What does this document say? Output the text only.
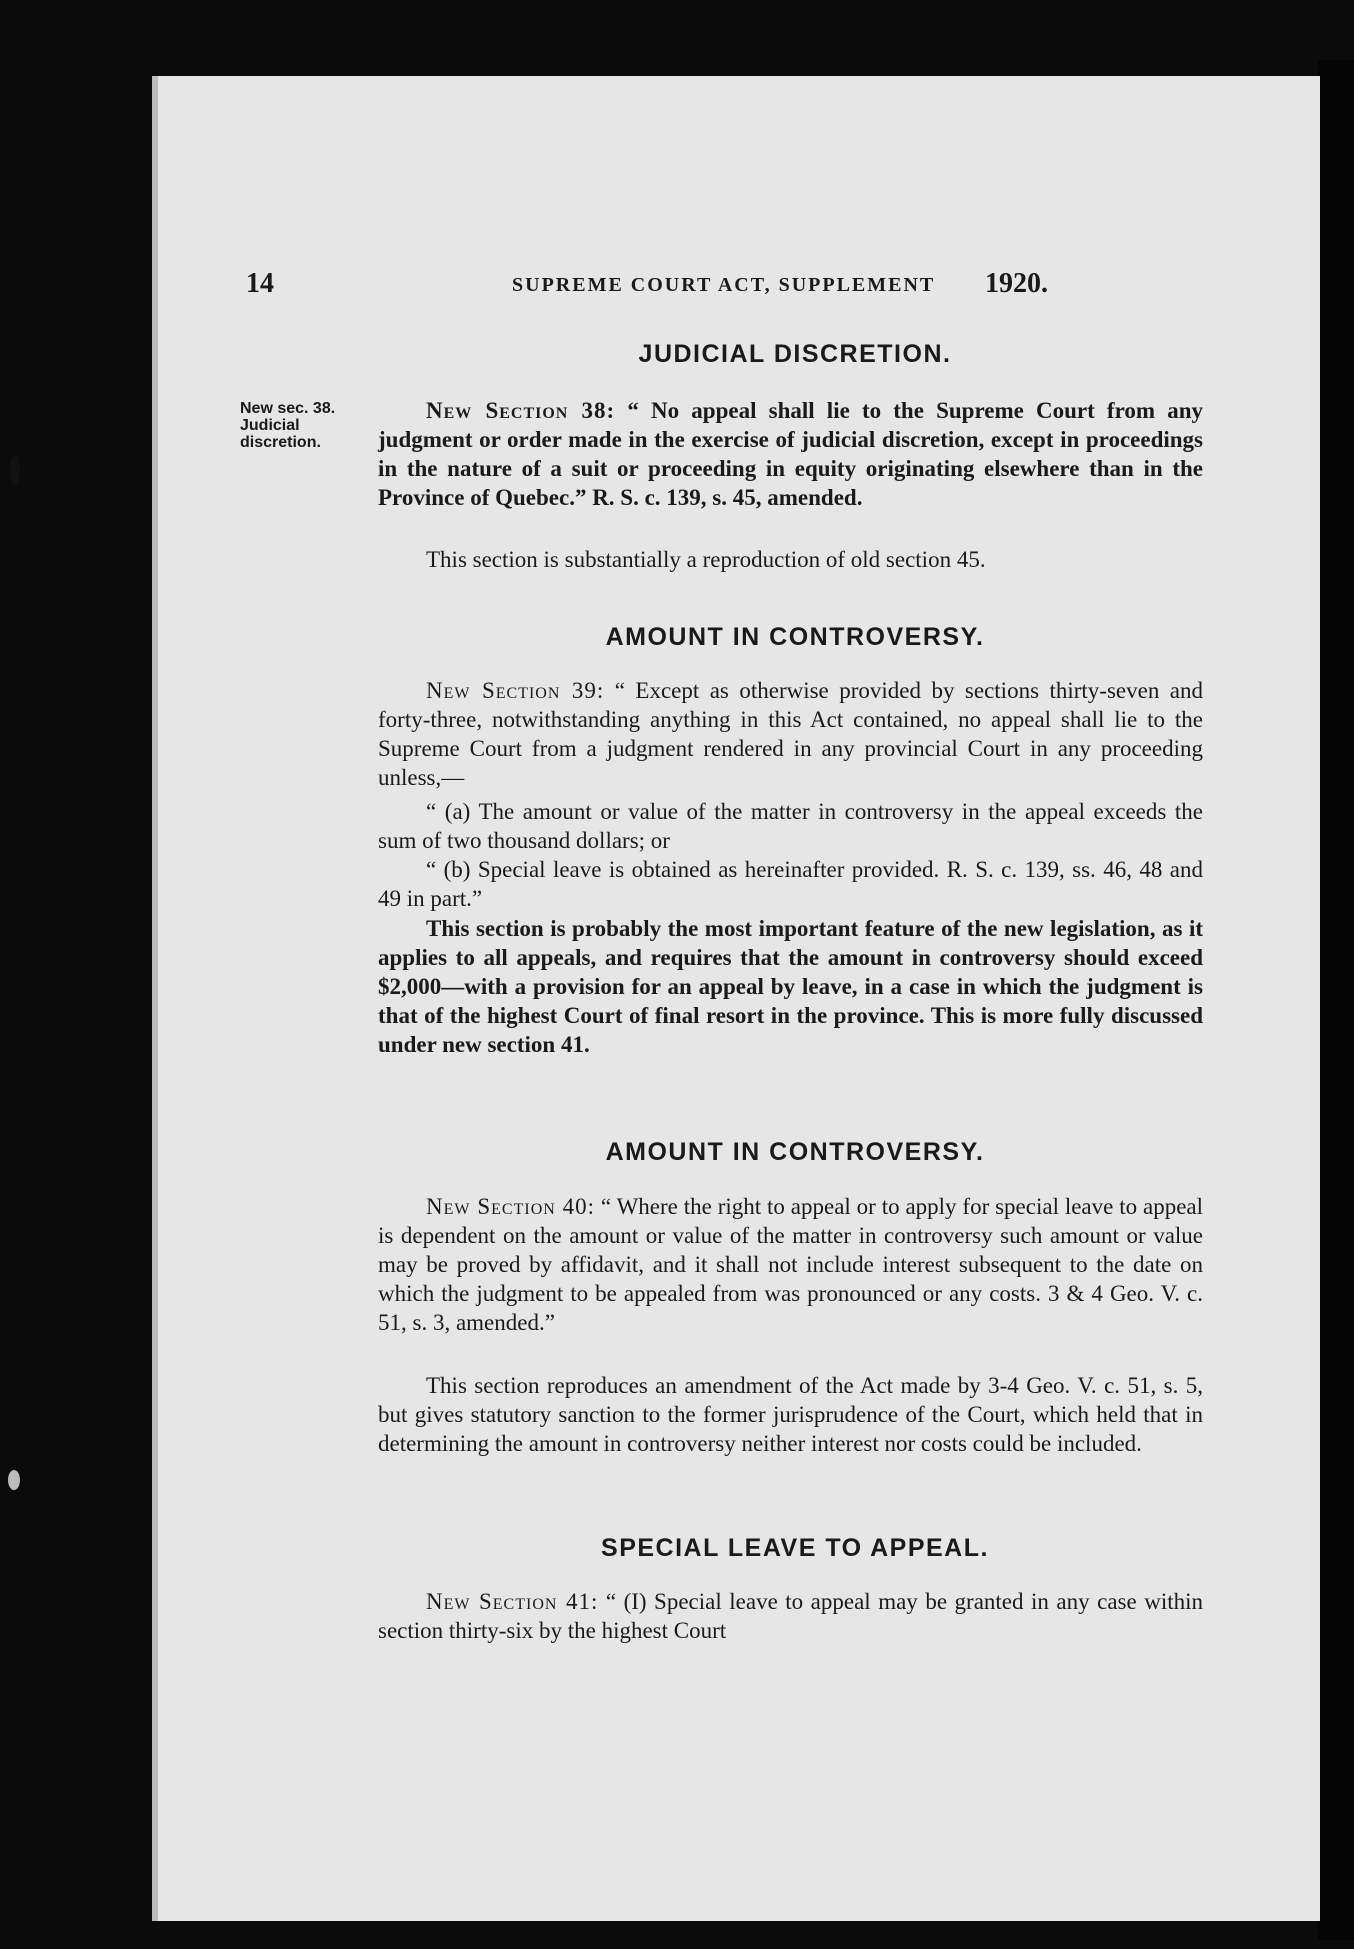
14	SUPREME COURT ACT, SUPPLEMENT 1920.
New sec. 38.
Judicial
discretion.
JUDICIAL DISCRETION.

New Section 38: “ No appeal shall lie to the Supreme Court from any judgment or order made in the exercise of judicial discretion, except in proceedings in the nature of a suit or proceeding in equity originating elsewhere than in the Province of Quebec.” R. S. c. 139, s. 45, amended.

This section is substantially a reproduction of old section 45.

AMOUNT IN CONTROVERSY.

New Section 39: “ Except as otherwise provided by sections thirty-seven and forty-three, notwithstanding anything in this Act contained, no appeal shall lie to the Supreme Court from a judgment rendered in any provincial Court in any proceeding unless,—

“ (a) The amount or value of the matter in controversy in the appeal exceeds the sum of two thousand dollars; or

“ (b) Special leave is obtained as hereinafter provided. R. S. c. 139, ss. 46, 48 and 49 in part.”

This section is probably the most important feature of the new legislation, as it applies to all appeals, and requires that the amount in controversy should exceed $2,000—with a provision for an appeal by leave, in a case in which the judgment is that of the highest Court of final resort in the province. This is more fully discussed under new section 41.

AMOUNT IN CONTROVERSY.

New Section 40: “ Where the right to appeal or to apply for special leave to appeal is dependent on the amount or value of the matter in controversy such amount or value may be proved by affidavit, and it shall not include interest subsequent to the date on which the judgment to be appealed from was pronounced or any costs. 3 & 4 Geo. V. c. 51, s. 3, amended.”

This section reproduces an amendment of the Act made by 3-4 Geo. V. c. 51, s. 5, but gives statutory sanction to the former jurisprudence of the Court, which held that in determining the amount in controversy neither interest nor costs could be included.

SPECIAL LEAVE TO APPEAL.

New Section 41: “ (I) Special leave to appeal may be granted in any case within section thirty-six by the highest Court
